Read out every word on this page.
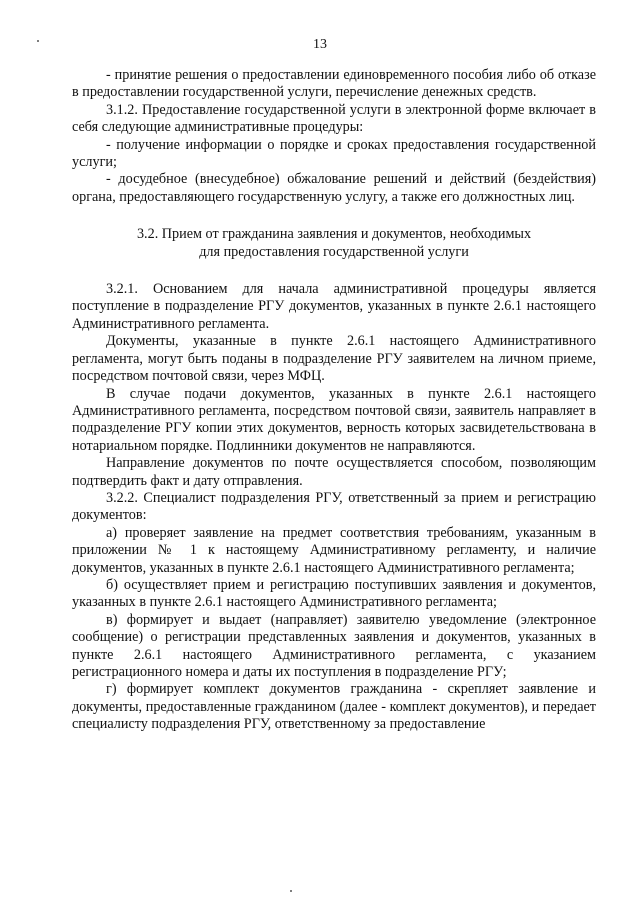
13

- принятие решения о предоставлении единовременного пособия либо об отказе в предоставлении государственной услуги, перечисление денежных средств.

3.1.2. Предоставление государственной услуги в электронной форме включает в себя следующие административные процедуры:

- получение информации о порядке и сроках предоставления государственной услуги;

- досудебное (внесудебное) обжалование решений и действий (бездействия) органа, предоставляющего государственную услугу, а также его должностных лиц.

3.2. Прием от гражданина заявления и документов, необходимых
для предоставления государственной услуги

3.2.1. Основанием для начала административной процедуры является поступление в подразделение РГУ документов, указанных в пункте 2.6.1 настоящего Административного регламента.

Документы, указанные в пункте 2.6.1 настоящего Административного регламента, могут быть поданы в подразделение РГУ заявителем на личном приеме, посредством почтовой связи, через МФЦ.

В случае подачи документов, указанных в пункте 2.6.1 настоящего Административного регламента, посредством почтовой связи, заявитель направляет в подразделение РГУ копии этих документов, верность которых засвидетельствована в нотариальном порядке. Подлинники документов не направляются.

Направление документов по почте осуществляется способом, позволяющим подтвердить факт и дату отправления.

3.2.2. Специалист подразделения РГУ, ответственный за прием и регистрацию документов:

а) проверяет заявление на предмет соответствия требованиям, указанным в приложении № 1 к настоящему Административному регламенту, и наличие документов, указанных в пункте 2.6.1 настоящего Административного регламента;

б) осуществляет прием и регистрацию поступивших заявления и документов, указанных в пункте 2.6.1 настоящего Административного регламента;

в) формирует и выдает (направляет) заявителю уведомление (электронное сообщение) о регистрации представленных заявления и документов, указанных в пункте 2.6.1 настоящего Административного регламента, с указанием регистрационного номера и даты их поступления в подразделение РГУ;

г) формирует комплект документов гражданина - скрепляет заявление и документы, предоставленные гражданином (далее - комплект документов), и передает специалисту подразделения РГУ, ответственному за предоставление
